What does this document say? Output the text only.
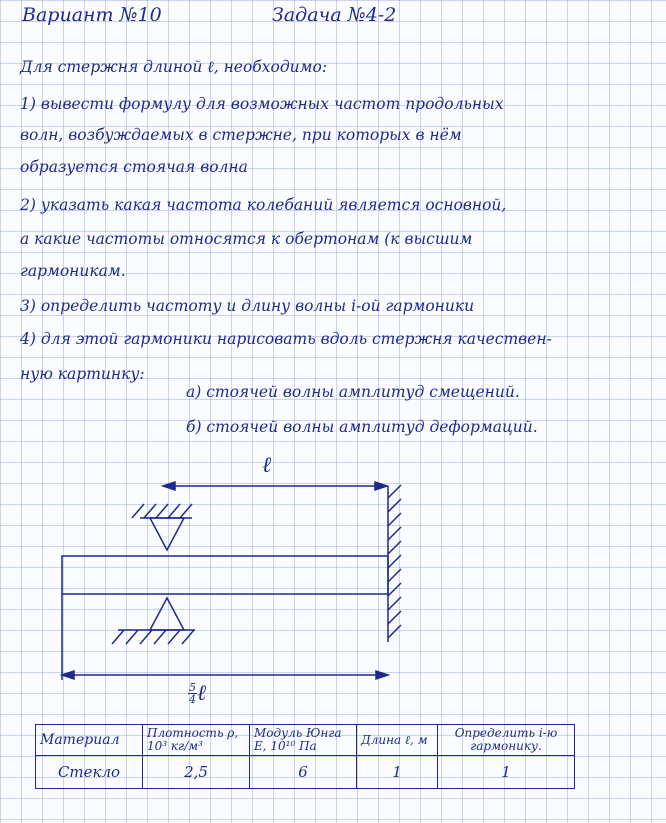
Вариант №10	Задача №4-2
Для стержня длиной ℓ, необходимо:
1) вывести формулу для возможных частот продольных
волн, возбуждаемых в стержне, при которых в нём
образуется стоячая волна
2) указать какая частота колебаний является основной,
а какие частоты относятся к обертонам (к высшим
гармоникам.
3) определить частоту и длину волны i-ой гармоники
4) для этой гармоники нарисовать вдоль стержня качествен-
ную картинку:
а) стоячей волны амплитуд смещений.
б) стоячей волны амплитуд деформаций.
ℓ
$\frac{5}{4}$ ℓ
Материал	Плотность ρ, 10³ кг/м³	Модуль Юнга E, 10¹⁰ Па	Длина ℓ, м	Определить i-ю гармонику.
Стекло	2,5	6	1	1
